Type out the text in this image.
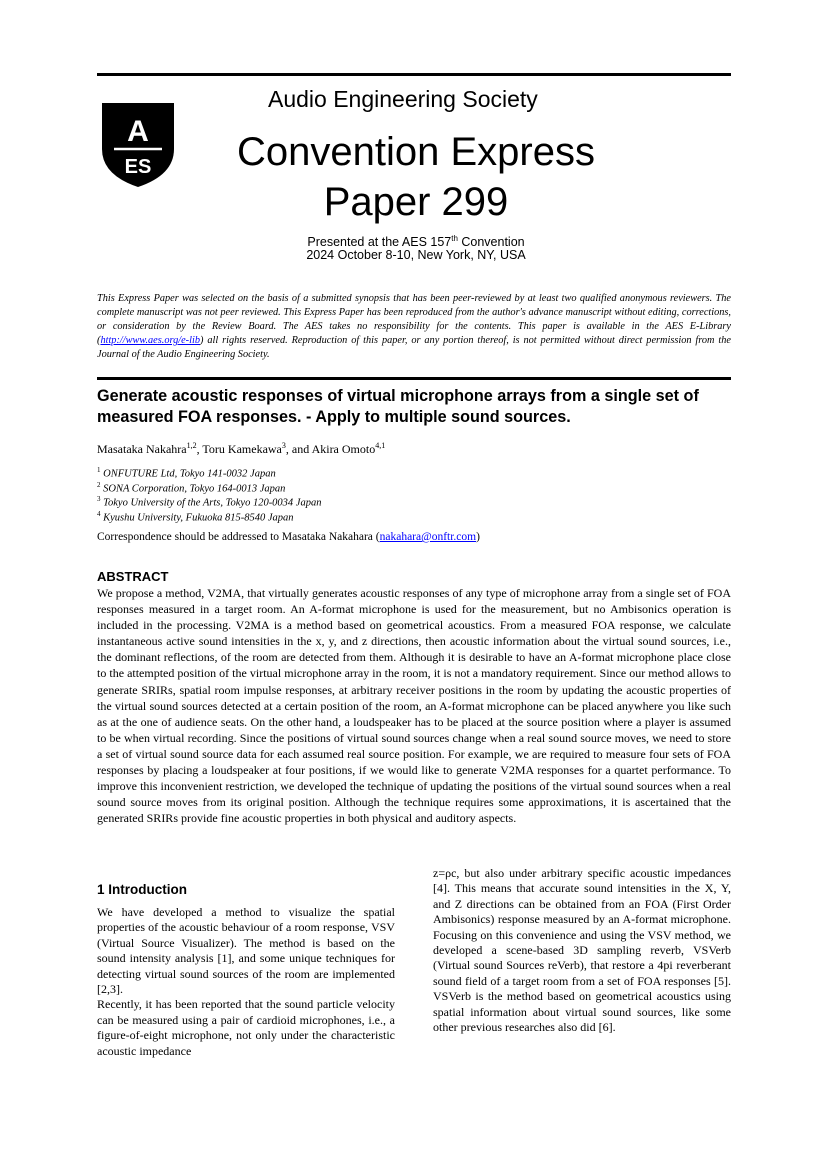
A
ES
Audio Engineering Society
Convention Express
Paper 299
Presented at the AES 157th Convention
2024 October 8-10, New York, NY, USA
This Express Paper was selected on the basis of a submitted synopsis that has been peer-reviewed by at least two qualified anonymous reviewers. The complete manuscript was not peer reviewed. This Express Paper has been reproduced from the author's advance manuscript without editing, corrections, or consideration by the Review Board. The AES takes no responsibility for the contents. This paper is available in the AES E-Library (http://www.aes.org/e-lib) all rights reserved. Reproduction of this paper, or any portion thereof, is not permitted without direct permission from the Journal of the Audio Engineering Society.
Generate acoustic responses of virtual microphone arrays from a single set of measured FOA responses. - Apply to multiple sound sources.
Masataka Nakahra$^{1,2}$, Toru Kamekawa$^3$, and Akira Omoto$^{4,1}$
$^1$ ONFUTURE Ltd, Tokyo 141-0032 Japan
$^2$ SONA Corporation, Tokyo 164-0013 Japan
$^3$ Tokyo University of the Arts, Tokyo 120-0034 Japan
$^4$ Kyushu University, Fukuoka 815-8540 Japan
Correspondence should be addressed to Masataka Nakahara (nakahara@onftr.com)
ABSTRACT
We propose a method, V2MA, that virtually generates acoustic responses of any type of microphone array from a single set of FOA responses measured in a target room. An A-format microphone is used for the measurement, but no Ambisonics operation is included in the processing. V2MA is a method based on geometrical acoustics. From a measured FOA response, we calculate instantaneous active sound intensities in the x, y, and z directions, then acoustic information about the virtual sound sources, i.e., the dominant reflections, of the room are detected from them. Although it is desirable to have an A-format microphone place close to the attempted position of the virtual microphone array in the room, it is not a mandatory requirement. Since our method allows to generate SRIRs, spatial room impulse responses, at arbitrary receiver positions in the room by updating the acoustic properties of the virtual sound sources detected at a certain position of the room, an A-format microphone can be placed anywhere you like such as at the one of audience seats. On the other hand, a loudspeaker has to be placed at the source position where a player is assumed to be when virtual recording. Since the positions of virtual sound sources change when a real sound source moves, we need to store a set of virtual sound source data for each assumed real source position. For example, we are required to measure four sets of FOA responses by placing a loudspeaker at four positions, if we would like to generate V2MA responses for a quartet performance. To improve this inconvenient restriction, we developed the technique of updating the positions of the virtual sound sources when a real sound source moves from its original position. Although the technique requires some approximations, it is ascertained that the generated SRIRs provide fine acoustic properties in both physical and auditory aspects.
1 Introduction

We have developed a method to visualize the spatial properties of the acoustic behaviour of a room response, VSV (Virtual Source Visualizer). The method is based on the sound intensity analysis [1], and some unique techniques for detecting virtual sound sources of the room are implemented [2,3].

Recently, it has been reported that the sound particle velocity can be measured using a pair of cardioid microphones, i.e., a figure-of-eight microphone, not only under the characteristic acoustic impedance

z=ρc, but also under arbitrary specific acoustic impedances [4]. This means that accurate sound intensities in the X, Y, and Z directions can be obtained from an FOA (First Order Ambisonics) response measured by an A-format microphone. Focusing on this convenience and using the VSV method, we developed a scene-based 3D sampling reverb, VSVerb (Virtual sound Sources reVerb), that restore a 4pi reverberant sound field of a target room from a set of FOA responses [5]. VSVerb is the method based on geometrical acoustics using spatial information about virtual sound sources, like some other previous researches also did [6].
